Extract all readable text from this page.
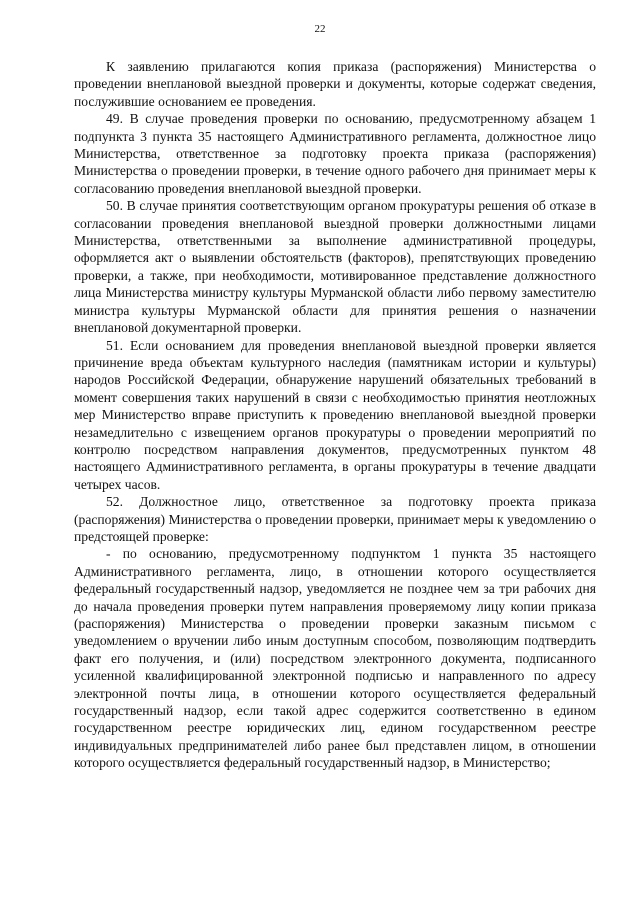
22

К заявлению прилагаются копия приказа (распоряжения) Министерства о проведении внеплановой выездной проверки и документы, которые содержат сведения, послужившие основанием ее проведения.

49. В случае проведения проверки по основанию, предусмотренному абзацем 1 подпункта 3 пункта 35 настоящего Административного регламента, должностное лицо Министерства, ответственное за подготовку проекта приказа (распоряжения) Министерства о проведении проверки, в течение одного рабочего дня принимает меры к согласованию проведения внеплановой выездной проверки.

50. В случае принятия соответствующим органом прокуратуры решения об отказе в согласовании проведения внеплановой выездной проверки должностными лицами Министерства, ответственными за выполнение административной процедуры, оформляется акт о выявлении обстоятельств (факторов), препятствующих проведению проверки, а также, при необходимости, мотивированное представление должностного лица Министерства министру культуры Мурманской области либо первому заместителю министра культуры Мурманской области для принятия решения о назначении внеплановой документарной проверки.

51. Если основанием для проведения внеплановой выездной проверки является причинение вреда объектам культурного наследия (памятникам истории и культуры) народов Российской Федерации, обнаружение нарушений обязательных требований в момент совершения таких нарушений в связи с необходимостью принятия неотложных мер Министерство вправе приступить к проведению внеплановой выездной проверки незамедлительно с извещением органов прокуратуры о проведении мероприятий по контролю посредством направления документов, предусмотренных пунктом 48 настоящего Административного регламента, в органы прокуратуры в течение двадцати четырех часов.

52. Должностное лицо, ответственное за подготовку проекта приказа (распоряжения) Министерства о проведении проверки, принимает меры к уведомлению о предстоящей проверке:

- по основанию, предусмотренному подпунктом 1 пункта 35 настоящего Административного регламента, лицо, в отношении которого осуществляется федеральный государственный надзор, уведомляется не позднее чем за три рабочих дня до начала проведения проверки путем направления проверяемому лицу копии приказа (распоряжения) Министерства о проведении проверки заказным письмом с уведомлением о вручении либо иным доступным способом, позволяющим подтвердить факт его получения, и (или) посредством электронного документа, подписанного усиленной квалифицированной электронной подписью и направленного по адресу электронной почты лица, в отношении которого осуществляется федеральный государственный надзор, если такой адрес содержится соответственно в едином государственном реестре юридических лиц, едином государственном реестре индивидуальных предпринимателей либо ранее был представлен лицом, в отношении которого осуществляется федеральный государственный надзор, в Министерство;
